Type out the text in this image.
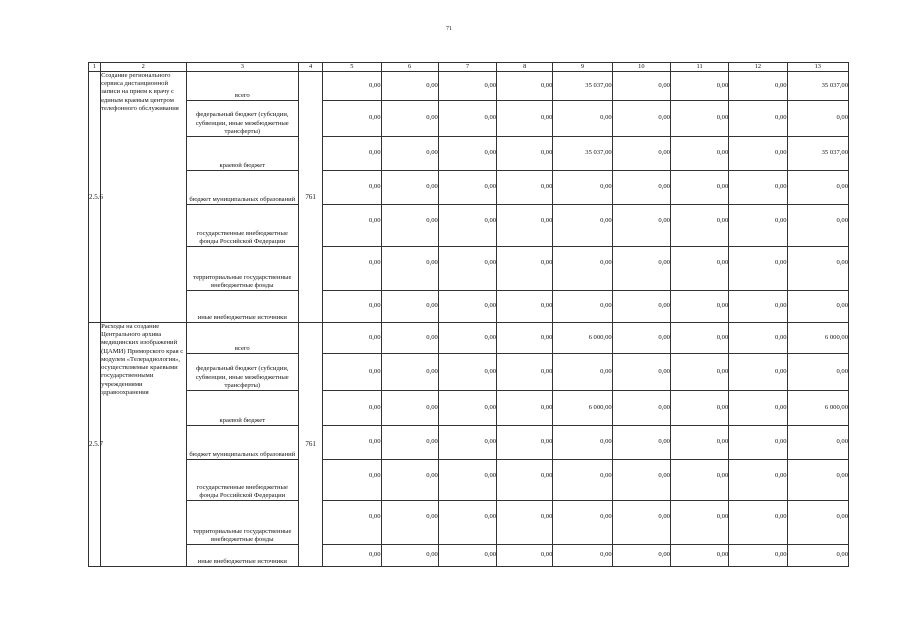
71
1	2	3	4	5	6	7	8	9	10	11	12	13
2.5.6	Создание регионального сервиса дистанционной записи на прием к врачу с единым краевым центром телефонного обслуживания	всего	761	0,00	0,00	0,00	0,00	35 037,00	0,00	0,00	0,00	35 037,00
		федеральный бюджет (субсидии, субвенции, иные межбюджетные трансферты)		0,00	0,00	0,00	0,00	0,00	0,00	0,00	0,00	0,00
		краевой бюджет		0,00	0,00	0,00	0,00	35 037,00	0,00	0,00	0,00	35 037,00
		бюджет муниципальных образований		0,00	0,00	0,00	0,00	0,00	0,00	0,00	0,00	0,00
		государственные внебюджетные фонды Российской Федерации		0,00	0,00	0,00	0,00	0,00	0,00	0,00	0,00	0,00
		территориальные государственные внебюджетные фонды		0,00	0,00	0,00	0,00	0,00	0,00	0,00	0,00	0,00
		иные внебюджетные источники		0,00	0,00	0,00	0,00	0,00	0,00	0,00	0,00	0,00
2.5.7	Расходы на создание Центрального архива медицинских изображений (ЦАМИ) Приморского края с модулем «Телерадиология», осуществляемые краевыми государственными учреждениями здравоохранения	всего	761	0,00	0,00	0,00	0,00	6 000,00	0,00	0,00	0,00	6 000,00
		федеральный бюджет (субсидии, субвенции, иные межбюджетные трансферты)		0,00	0,00	0,00	0,00	0,00	0,00	0,00	0,00	0,00
		краевой бюджет		0,00	0,00	0,00	0,00	6 000,00	0,00	0,00	0,00	6 000,00
		бюджет муниципальных образований		0,00	0,00	0,00	0,00	0,00	0,00	0,00	0,00	0,00
		государственные внебюджетные фонды Российской Федерации		0,00	0,00	0,00	0,00	0,00	0,00	0,00	0,00	0,00
		территориальные государственные внебюджетные фонды		0,00	0,00	0,00	0,00	0,00	0,00	0,00	0,00	0,00
		иные внебюджетные источники		0,00	0,00	0,00	0,00	0,00	0,00	0,00	0,00	0,00
